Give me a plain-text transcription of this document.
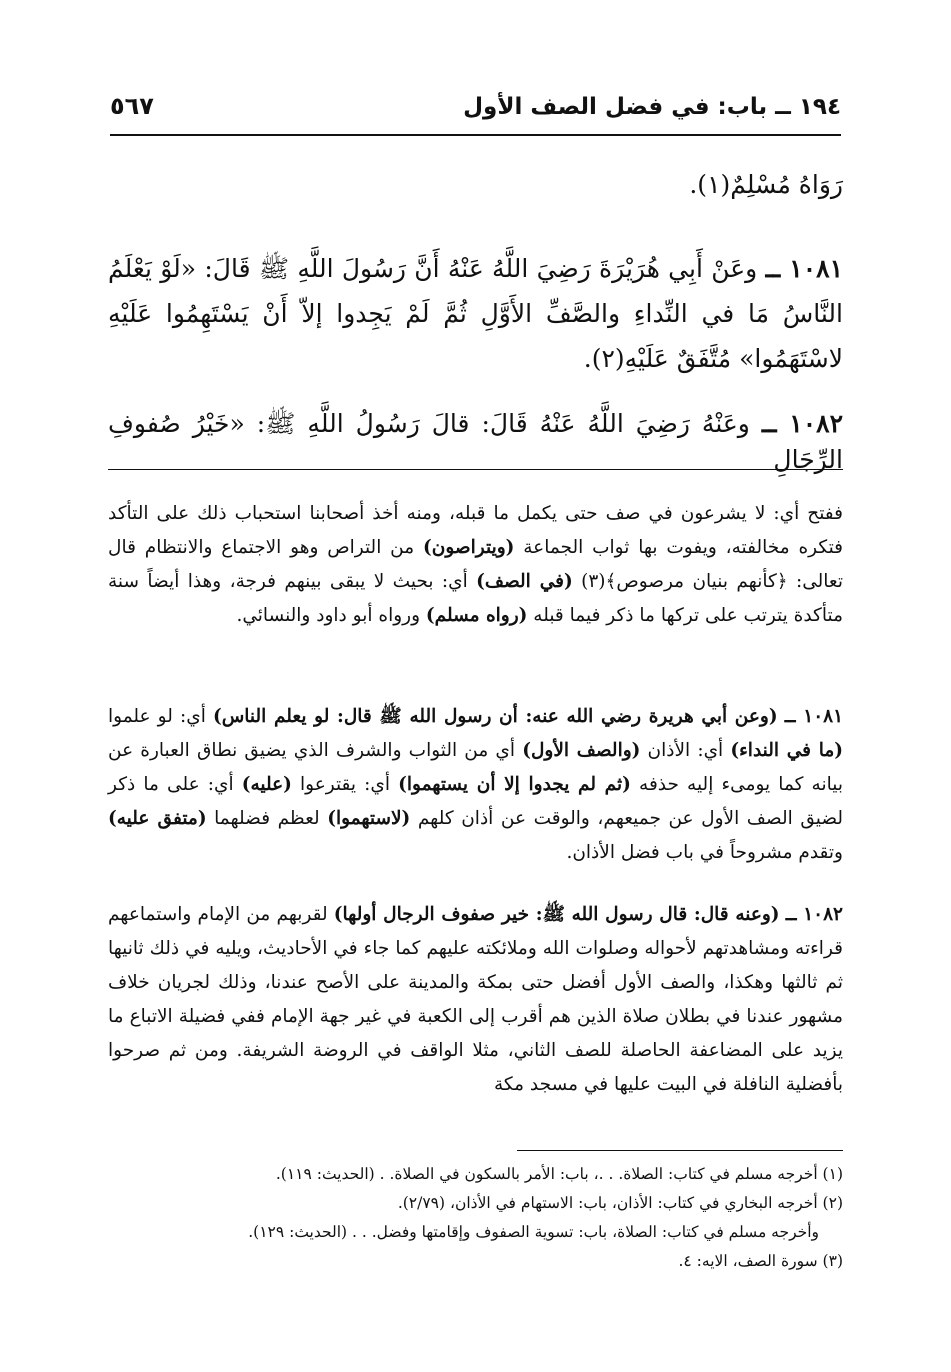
١٩٤ ــ باب: في فضل الصف الأول
٥٦٧
رَوَاهُ مُسْلِمٌ(١).
١٠٨١ ــ وعَنْ أَبِي هُرَيْرَةَ رَضِيَ اللَّهُ عَنْهُ أَنَّ رَسُولَ اللَّهِ ﷺ قَالَ: «لَوْ يَعْلَمُ النَّاسُ مَا في النِّداءِ والصَّفِّ الأَوَّلِ ثُمَّ لَمْ يَجِدوا إلاّ أَنْ يَسْتَهِمُوا عَلَيْهِ لاسْتَهَمُوا» مُتَّفَقٌ عَلَيْهِ(٢).
١٠٨٢ ــ وعَنْهُ رَضِيَ اللَّهُ عَنْهُ قَالَ: قالَ رَسُولُ اللَّهِ ﷺ: «خَيْرُ صُفوفِ الرِّجَالِ
ففتح أي: لا يشرعون في صف حتى يكمل ما قبله، ومنه أخذ أصحابنا استحباب ذلك على التأكد فتكره مخالفته، ويفوت بها ثواب الجماعة (ويتراصون) من التراص وهو الاجتماع والانتظام قال تعالى: ﴿كأنهم بنيان مرصوص﴾(٣) (في الصف) أي: بحيث لا يبقى بينهم فرجة، وهذا أيضاً سنة متأكدة يترتب على تركها ما ذكر فيما قبله (رواه مسلم) ورواه أبو داود والنسائي.
١٠٨١ ــ (وعن أبي هريرة رضي الله عنه: أن رسول الله ﷺ قال: لو يعلم الناس) أي: لو علموا (ما في النداء) أي: الأذان (والصف الأول) أي من الثواب والشرف الذي يضيق نطاق العبارة عن بيانه كما يومىء إليه حذفه (ثم لم يجدوا إلا أن يستهموا) أي: يقترعوا (عليه) أي: على ما ذكر لضيق الصف الأول عن جميعهم، والوقت عن أذان كلهم (لاستهموا) لعظم فضلهما (متفق عليه) وتقدم مشروحاً في باب فضل الأذان.
١٠٨٢ ــ (وعنه قال: قال رسول الله ﷺ: خير صفوف الرجال أولها) لقربهم من الإمام واستماعهم قراءته ومشاهدتهم لأحواله وصلوات الله وملائكته عليهم كما جاء في الأحاديث، ويليه في ذلك ثانيها ثم ثالثها وهكذا، والصف الأول أفضل حتى بمكة والمدينة على الأصح عندنا، وذلك لجريان خلاف مشهور عندنا في بطلان صلاة الذين هم أقرب إلى الكعبة في غير جهة الإمام ففي فضيلة الاتباع ما يزيد على المضاعفة الحاصلة للصف الثاني، مثلا الواقف في الروضة الشريفة. ومن ثم صرحوا بأفضلية النافلة في البيت عليها في مسجد مكة
(١) أخرجه مسلم في كتاب: الصلاة. . .، باب: الأمر بالسكون في الصلاة. . (الحديث: ١١٩).
(٢) أخرجه البخاري في كتاب: الأذان، باب: الاستهام في الأذان، (٢/٧٩).
وأخرجه مسلم في كتاب: الصلاة، باب: تسوية الصفوف وإقامتها وفضل. . . (الحديث: ١٢٩).
(٣) سورة الصف، الايه: ٤.
